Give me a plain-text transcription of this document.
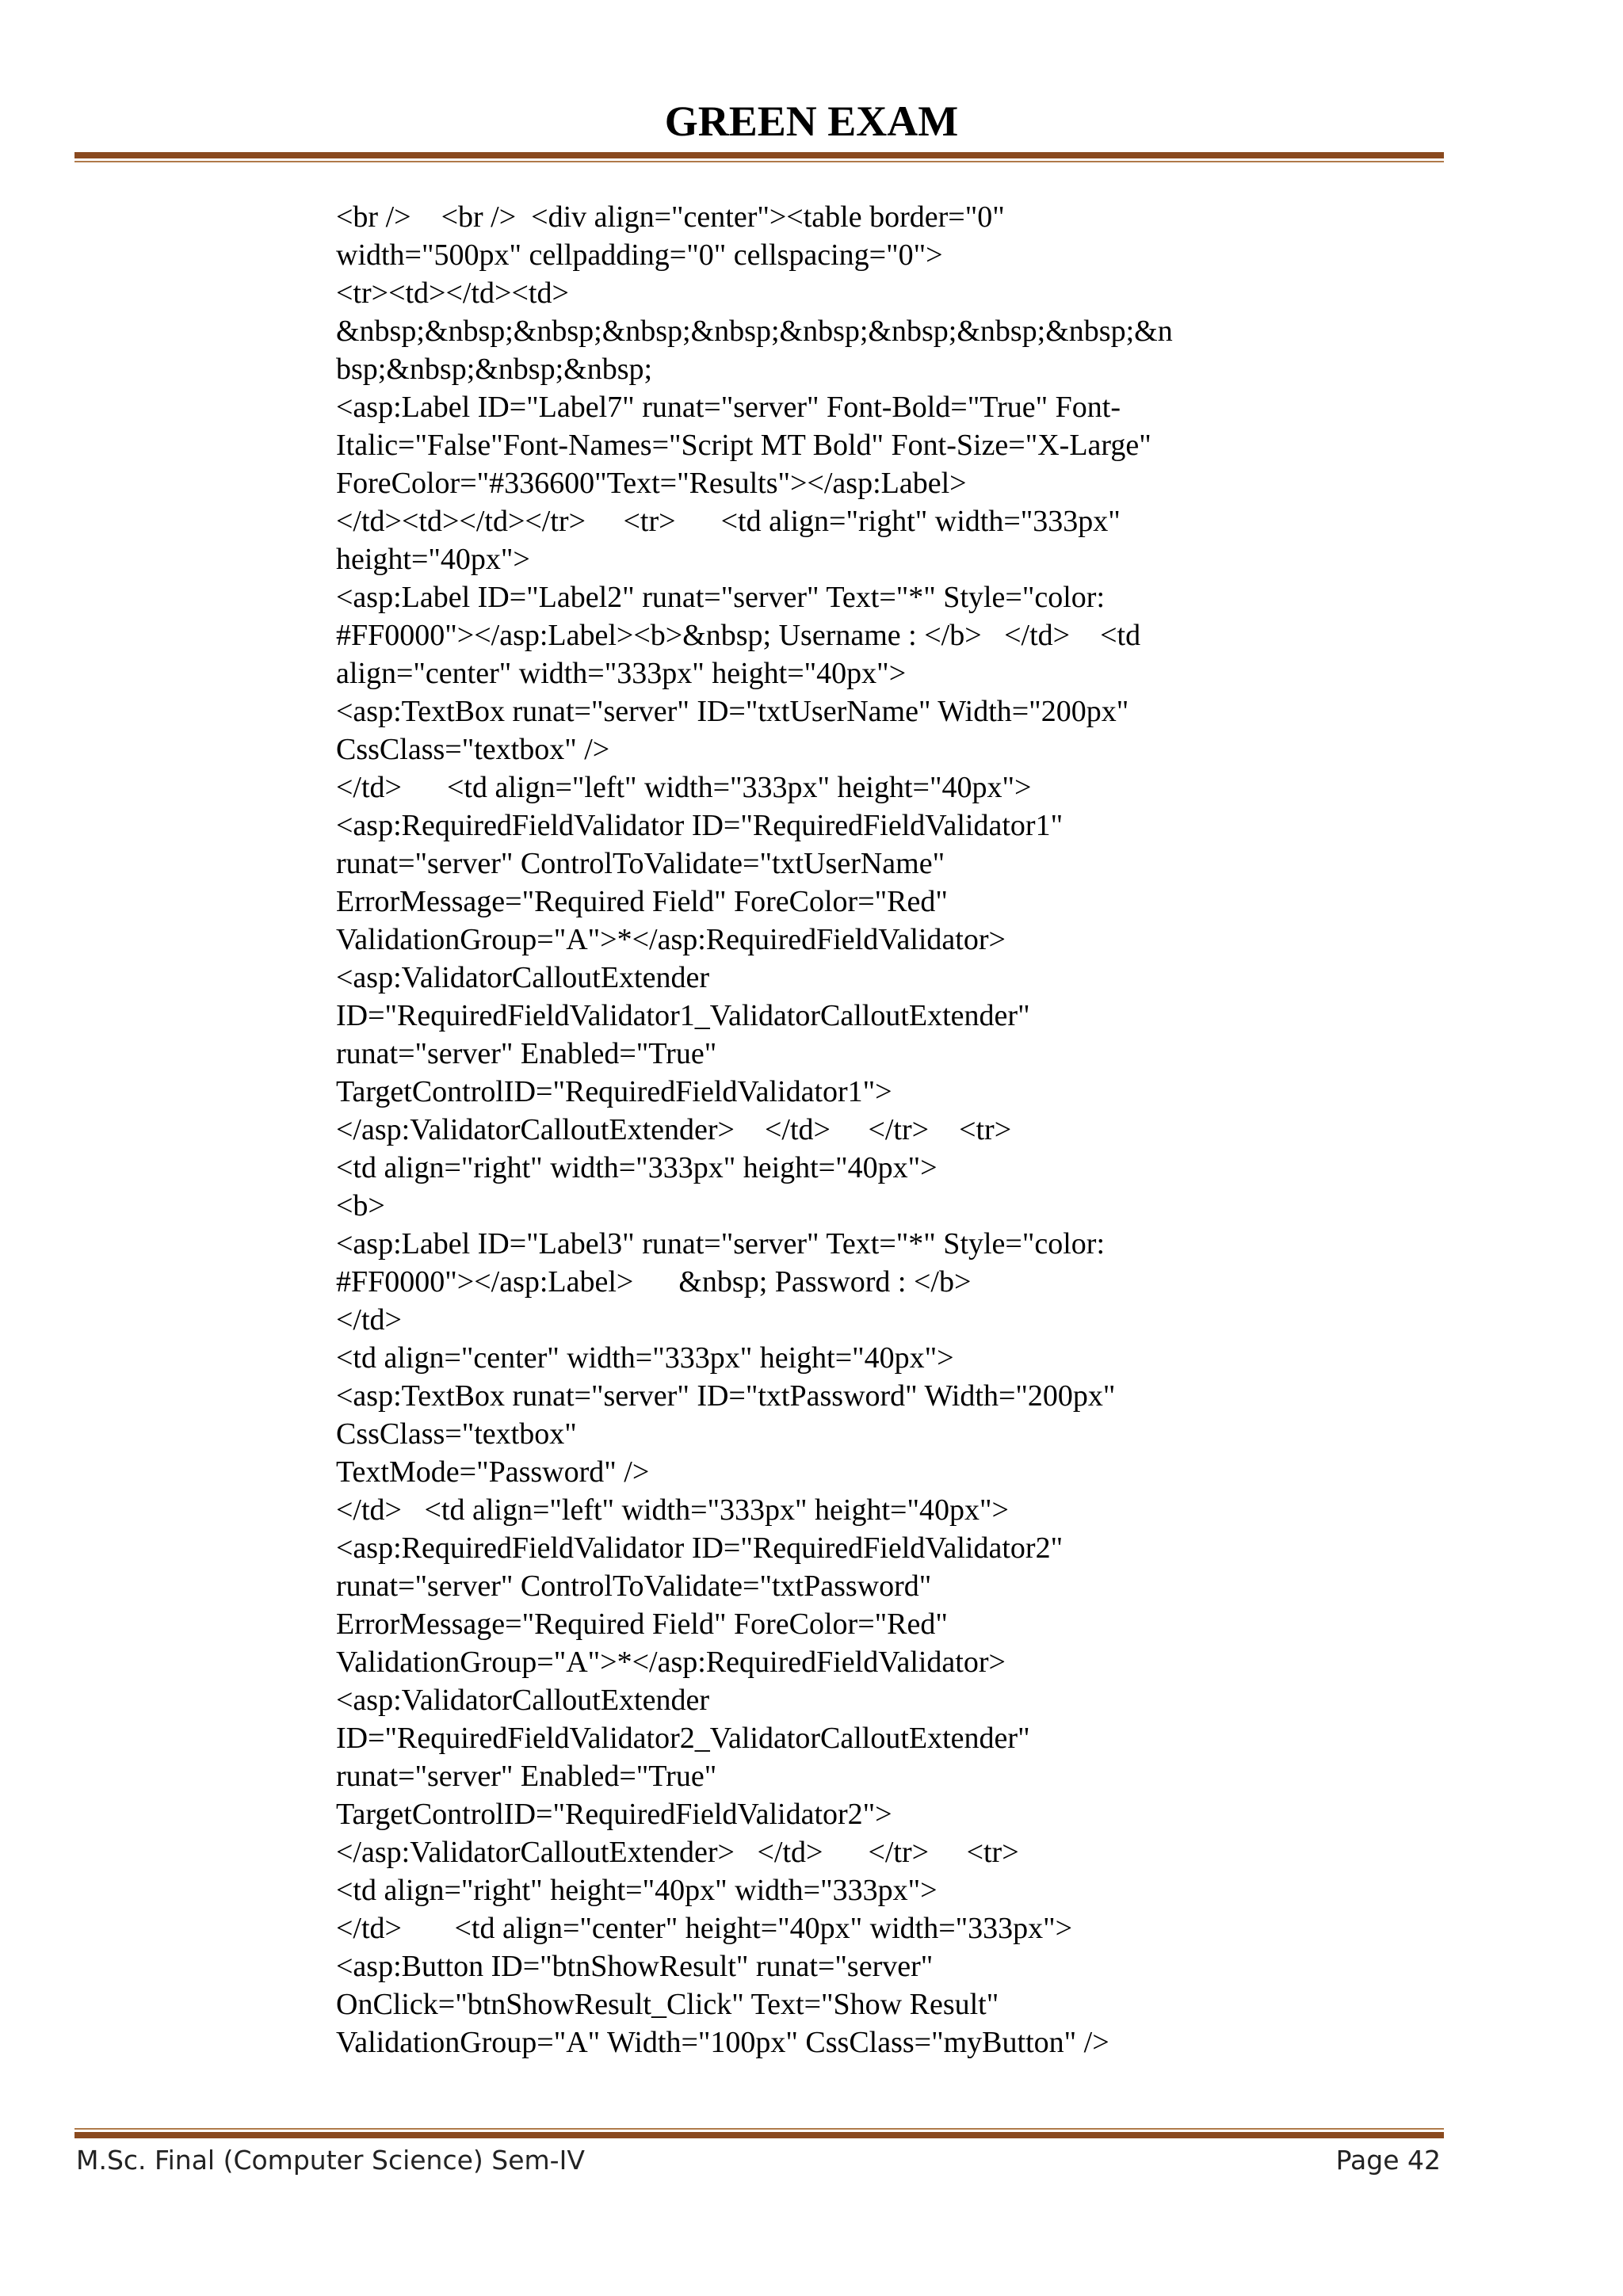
GREEN EXAM
<br />    <br />  <div align="center"><table border="0"
width="500px" cellpadding="0" cellspacing="0">
<tr><td></td><td>
&nbsp;&nbsp;&nbsp;&nbsp;&nbsp;&nbsp;&nbsp;&nbsp;&nbsp;&n
bsp;&nbsp;&nbsp;&nbsp;
<asp:Label ID="Label7" runat="server" Font-Bold="True" Font-
Italic="False"Font-Names="Script MT Bold" Font-Size="X-Large"
ForeColor="#336600"Text="Results"></asp:Label>
</td><td></td></tr>     <tr>      <td align="right" width="333px"
height="40px">
<asp:Label ID="Label2" runat="server" Text="*" Style="color:
#FF0000"></asp:Label><b>&nbsp; Username : </b>   </td>    <td
align="center" width="333px" height="40px">
<asp:TextBox runat="server" ID="txtUserName" Width="200px"
CssClass="textbox" />
</td>      <td align="left" width="333px" height="40px">
<asp:RequiredFieldValidator ID="RequiredFieldValidator1"
runat="server" ControlToValidate="txtUserName"
ErrorMessage="Required Field" ForeColor="Red"
ValidationGroup="A">*</asp:RequiredFieldValidator>
<asp:ValidatorCalloutExtender
ID="RequiredFieldValidator1_ValidatorCalloutExtender"
runat="server" Enabled="True"
TargetControlID="RequiredFieldValidator1">
</asp:ValidatorCalloutExtender>    </td>     </tr>    <tr>
<td align="right" width="333px" height="40px">
<b>
<asp:Label ID="Label3" runat="server" Text="*" Style="color:
#FF0000"></asp:Label>      &nbsp; Password : </b>
</td>
<td align="center" width="333px" height="40px">
<asp:TextBox runat="server" ID="txtPassword" Width="200px"
CssClass="textbox"
TextMode="Password" />
</td>   <td align="left" width="333px" height="40px">
<asp:RequiredFieldValidator ID="RequiredFieldValidator2"
runat="server" ControlToValidate="txtPassword"
ErrorMessage="Required Field" ForeColor="Red"
ValidationGroup="A">*</asp:RequiredFieldValidator>
<asp:ValidatorCalloutExtender
ID="RequiredFieldValidator2_ValidatorCalloutExtender"
runat="server" Enabled="True"
TargetControlID="RequiredFieldValidator2">
</asp:ValidatorCalloutExtender>   </td>      </tr>     <tr>
<td align="right" height="40px" width="333px">
</td>       <td align="center" height="40px" width="333px">
<asp:Button ID="btnShowResult" runat="server"
OnClick="btnShowResult_Click" Text="Show Result"
ValidationGroup="A" Width="100px" CssClass="myButton" />
M.Sc. Final (Computer Science) Sem-IV	Page 42
